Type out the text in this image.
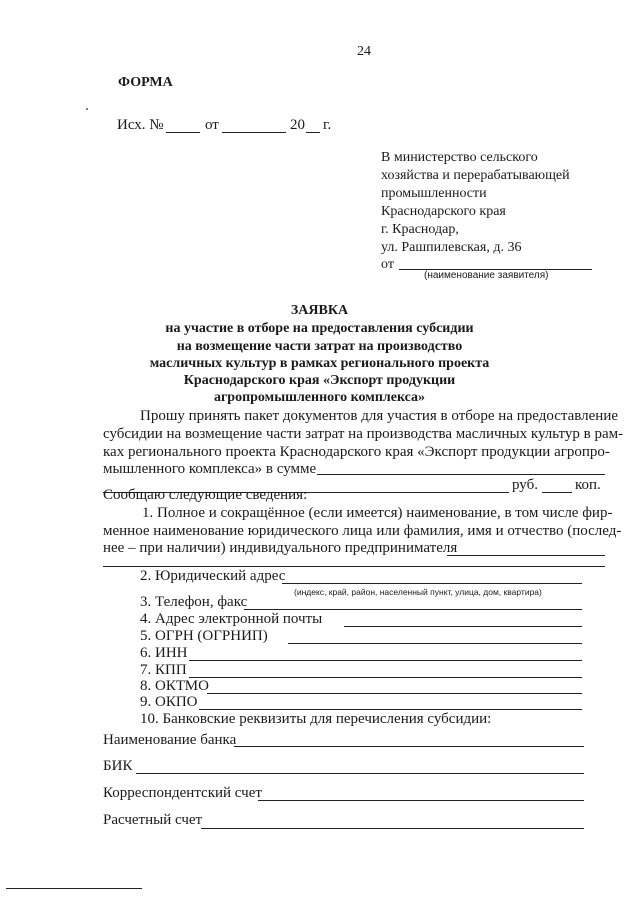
24
ФОРМА
Исх. №	от	20 г.
В министерство сельского
хозяйства и перерабатывающей
промышленности
Краснодарского края
г. Краснодар,
ул. Рашпилевская, д. 36
от
(наименование заявителя)
ЗАЯВКА
на участие в отборе на предоставления субсидии
на возмещение части затрат на производство
масличных культур в рамках регионального проекта
Краснодарского края «Экспорт продукции
агропромышленного комплекса»
Прошу принять пакет документов для участия в отборе на предоставление
субсидии на возмещение части затрат на производства масличных культур в рам-
ках регионального проекта Краснодарского края «Экспорт продукции агропро-
мышленного комплекса» в сумме
руб. коп.
Сообщаю следующие сведения:
1. Полное и сокращённое (если имеется) наименование, в том числе фир-
менное наименование юридического лица или фамилия, имя и отчество (послед-
нее – при наличии) индивидуального предпринимателя
2. Юридический адрес
(индекс, край, район, населенный пункт, улица, дом, квартира)
3. Телефон, факс
4. Адрес электронной почты
5. ОГРН (ОГРНИП)
6. ИНН
7. КПП
8. ОКТМО
9. ОКПО
10. Банковские реквизиты для перечисления субсидии:
Наименование банка
БИК
Корреспондентский счет
Расчетный счет
